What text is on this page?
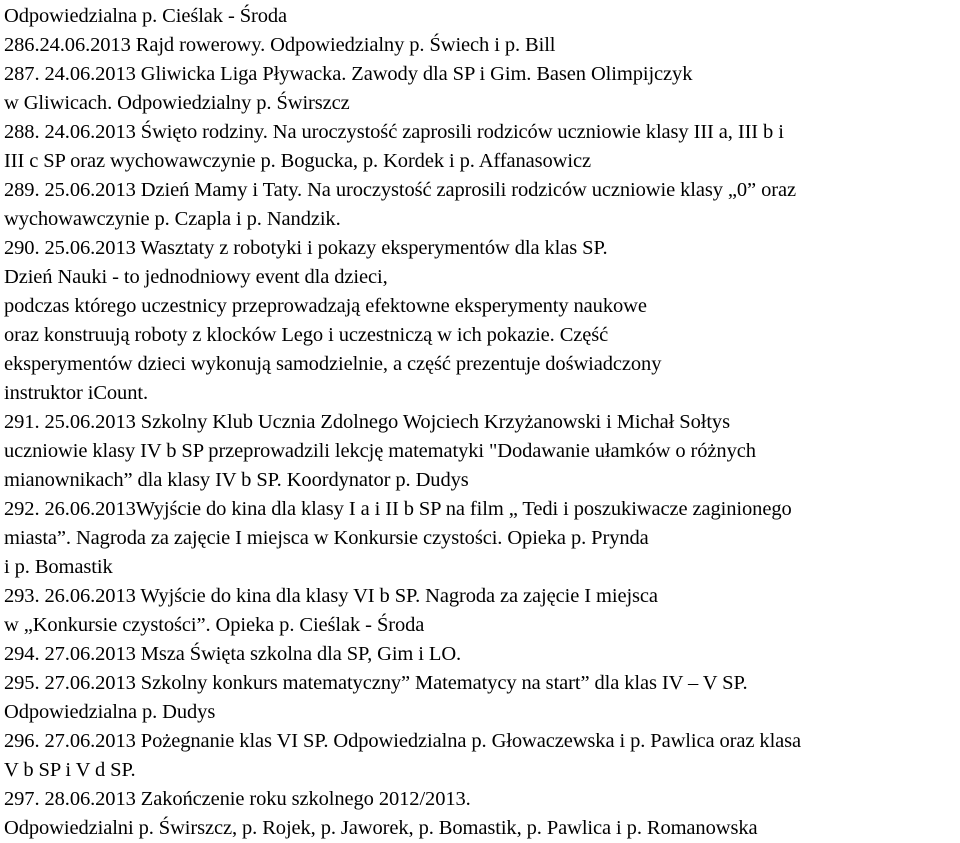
Odpowiedzialna p. Cieślak - Środa
286.24.06.2013 Rajd rowerowy. Odpowiedzialny p. Świech i p. Bill
287. 24.06.2013 Gliwicka Liga Pływacka. Zawody dla SP i Gim. Basen Olimpijczyk
w Gliwicach. Odpowiedzialny p. Świrszcz
288. 24.06.2013 Święto rodziny. Na uroczystość zaprosili rodziców uczniowie klasy III a, III b i
III c SP oraz wychowawczynie p. Bogucka, p. Kordek i p. Affanasowicz
289. 25.06.2013 Dzień Mamy i Taty. Na uroczystość zaprosili rodziców uczniowie klasy „0” oraz
wychowawczynie p. Czapla i p. Nandzik.
290. 25.06.2013 Wasztaty z robotyki i pokazy eksperymentów dla klas SP.
Dzień Nauki - to jednodniowy event dla dzieci,
podczas którego uczestnicy przeprowadzają efektowne eksperymenty naukowe
oraz konstruują roboty z klocków Lego i uczestniczą w ich pokazie. Część
eksperymentów dzieci wykonują samodzielnie, a część prezentuje doświadczony
instruktor iCount.
291. 25.06.2013 Szkolny Klub Ucznia Zdolnego Wojciech Krzyżanowski i Michał Sołtys
uczniowie klasy IV b SP przeprowadzili lekcję matematyki "Dodawanie ułamków o różnych
mianownikach” dla klasy IV b SP. Koordynator p. Dudys
292. 26.06.2013Wyjście do kina dla klasy I a i II b SP na film „ Tedi i poszukiwacze zaginionego
miasta”. Nagroda za zajęcie I miejsca w Konkursie czystości. Opieka p. Prynda
i p. Bomastik
293. 26.06.2013 Wyjście do kina dla klasy VI b SP. Nagroda za zajęcie I miejsca
w „Konkursie czystości”. Opieka p. Cieślak - Środa
294. 27.06.2013 Msza Święta szkolna dla SP, Gim i LO.
295. 27.06.2013 Szkolny konkurs matematyczny” Matematycy na start” dla klas IV – V SP.
Odpowiedzialna p. Dudys
296. 27.06.2013 Pożegnanie klas VI SP. Odpowiedzialna p. Głowaczewska i p. Pawlica oraz klasa
V b SP i V d SP.
297. 28.06.2013 Zakończenie roku szkolnego 2012/2013.
Odpowiedzialni p. Świrszcz, p. Rojek, p. Jaworek, p. Bomastik, p. Pawlica i p. Romanowska
